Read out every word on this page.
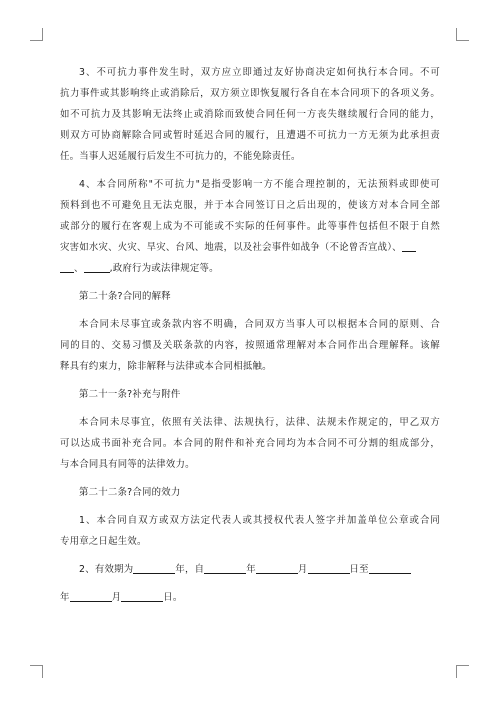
3、不可抗力事件发生时，双方应立即通过友好协商决定如何执行本合同。不可
抗力事件或其影响终止或消除后，双方须立即恢复履行各自在本合同项下的各项义务。
如不可抗力及其影响无法终止或消除而致使合同任何一方丧失继续履行合同的能力，
则双方可协商解除合同或暂时延迟合同的履行，且遭遇不可抗力一方无须为此承担责
任。当事人迟延履行后发生不可抗力的，不能免除责任。
4、本合同所称"不可抗力"是指受影响一方不能合理控制的，无法预料或即使可
预料到也不可避免且无法克服，并于本合同签订日之后出现的，使该方对本合同全部
或部分的履行在客观上成为不可能或不实际的任何事件。此等事件包括但不限于自然
灾害如水灾、火灾、旱灾、台风、地震，以及社会事件如战争（不论曾否宣战）、
、	,政府行为或法律规定等。
第二十条?合同的解释
本合同未尽事宜或条款内容不明确，合同双方当事人可以根据本合同的原则、合
同的目的、交易习惯及关联条款的内容，按照通常理解对本合同作出合理解释。该解
释具有约束力，除非解释与法律或本合同相抵触。
第二十一条?补充与附件
本合同未尽事宜，依照有关法律、法规执行，法律、法规未作规定的，甲乙双方
可以达成书面补充合同。本合同的附件和补充合同均为本合同不可分割的组成部分，
与本合同具有同等的法律效力。
第二十二条?合同的效力
1、本合同自双方或双方法定代表人或其授权代表人签字并加盖单位公章或合同
专用章之日起生效。
2、有效期为	年，自	年	月	日至
年	月	日。
